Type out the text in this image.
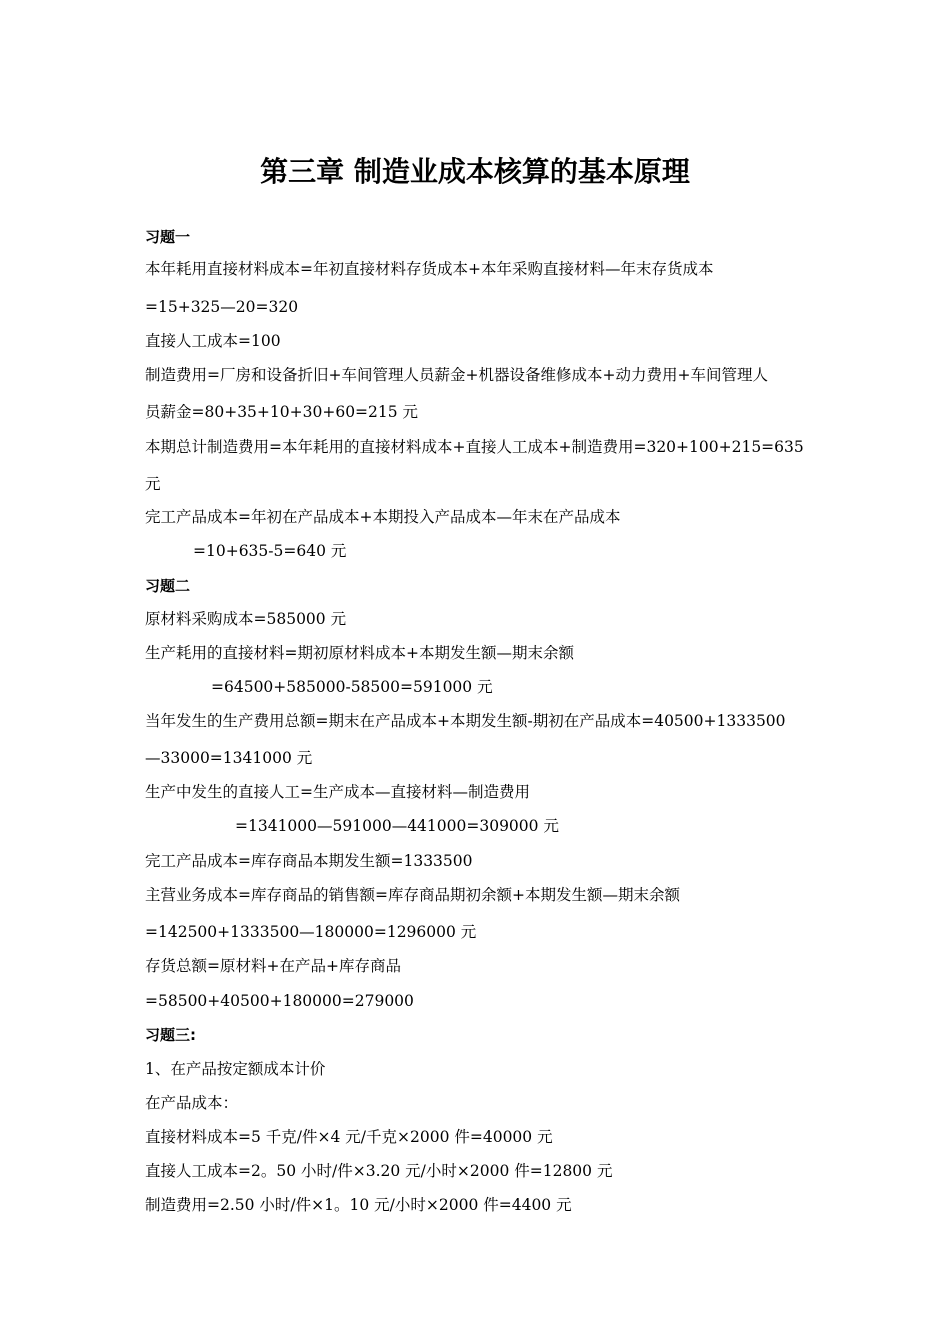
第三章 制造业成本核算的基本原理
习题一
本年耗用直接材料成本=年初直接材料存货成本+本年采购直接材料—年末存货成本
=15+325—20=320
直接人工成本=100
制造费用=厂房和设备折旧+车间管理人员薪金+机器设备维修成本+动力费用+车间管理人
员薪金=80+35+10+30+60=215 元
本期总计制造费用=本年耗用的直接材料成本+直接人工成本+制造费用=320+100+215=635
元
完工产品成本=年初在产品成本+本期投入产品成本—年末在产品成本
=10+635-5=640 元
习题二
原材料采购成本=585000 元
生产耗用的直接材料=期初原材料成本+本期发生额—期末余额
=64500+585000-58500=591000 元
当年发生的生产费用总额=期末在产品成本+本期发生额-期初在产品成本=40500+1333500
—33000=1341000 元
生产中发生的直接人工=生产成本—直接材料—制造费用
=1341000—591000—441000=309000 元
完工产品成本=库存商品本期发生额=1333500
主营业务成本=库存商品的销售额=库存商品期初余额+本期发生额—期末余额
=142500+1333500—180000=1296000 元
存货总额=原材料+在产品+库存商品
=58500+40500+180000=279000
习题三:
1、在产品按定额成本计价
在产品成本：
直接材料成本=5 千克/件×4 元/千克×2000 件=40000 元
直接人工成本=2。50 小时/件×3.20 元/小时×2000 件=12800 元
制造费用=2.50 小时/件×1。10 元/小时×2000 件=4400 元
